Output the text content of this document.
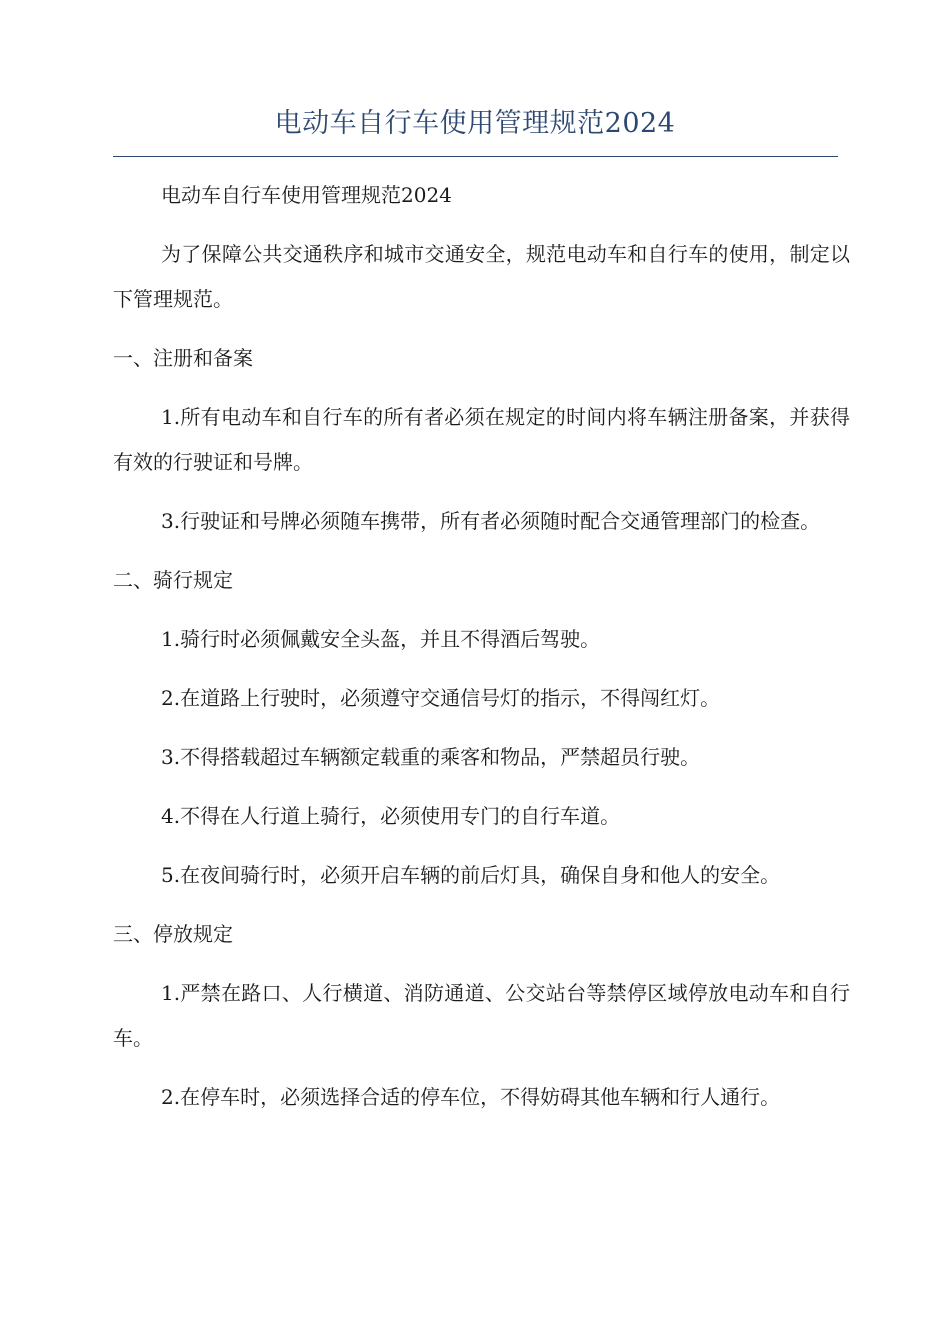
电动车自行车使用管理规范2024

电动车自行车使用管理规范2024

为了保障公共交通秩序和城市交通安全，规范电动车和自行车的使用，制定以下管理规范。

一、注册和备案

1.所有电动车和自行车的所有者必须在规定的时间内将车辆注册备案，并获得有效的行驶证和号牌。

3.行驶证和号牌必须随车携带，所有者必须随时配合交通管理部门的检查。

二、骑行规定

1.骑行时必须佩戴安全头盔，并且不得酒后驾驶。

2.在道路上行驶时，必须遵守交通信号灯的指示，不得闯红灯。

3.不得搭载超过车辆额定载重的乘客和物品，严禁超员行驶。

4.不得在人行道上骑行，必须使用专门的自行车道。

5.在夜间骑行时，必须开启车辆的前后灯具，确保自身和他人的安全。

三、停放规定

1.严禁在路口、人行横道、消防通道、公交站台等禁停区域停放电动车和自行车。

2.在停车时，必须选择合适的停车位，不得妨碍其他车辆和行人通行。
